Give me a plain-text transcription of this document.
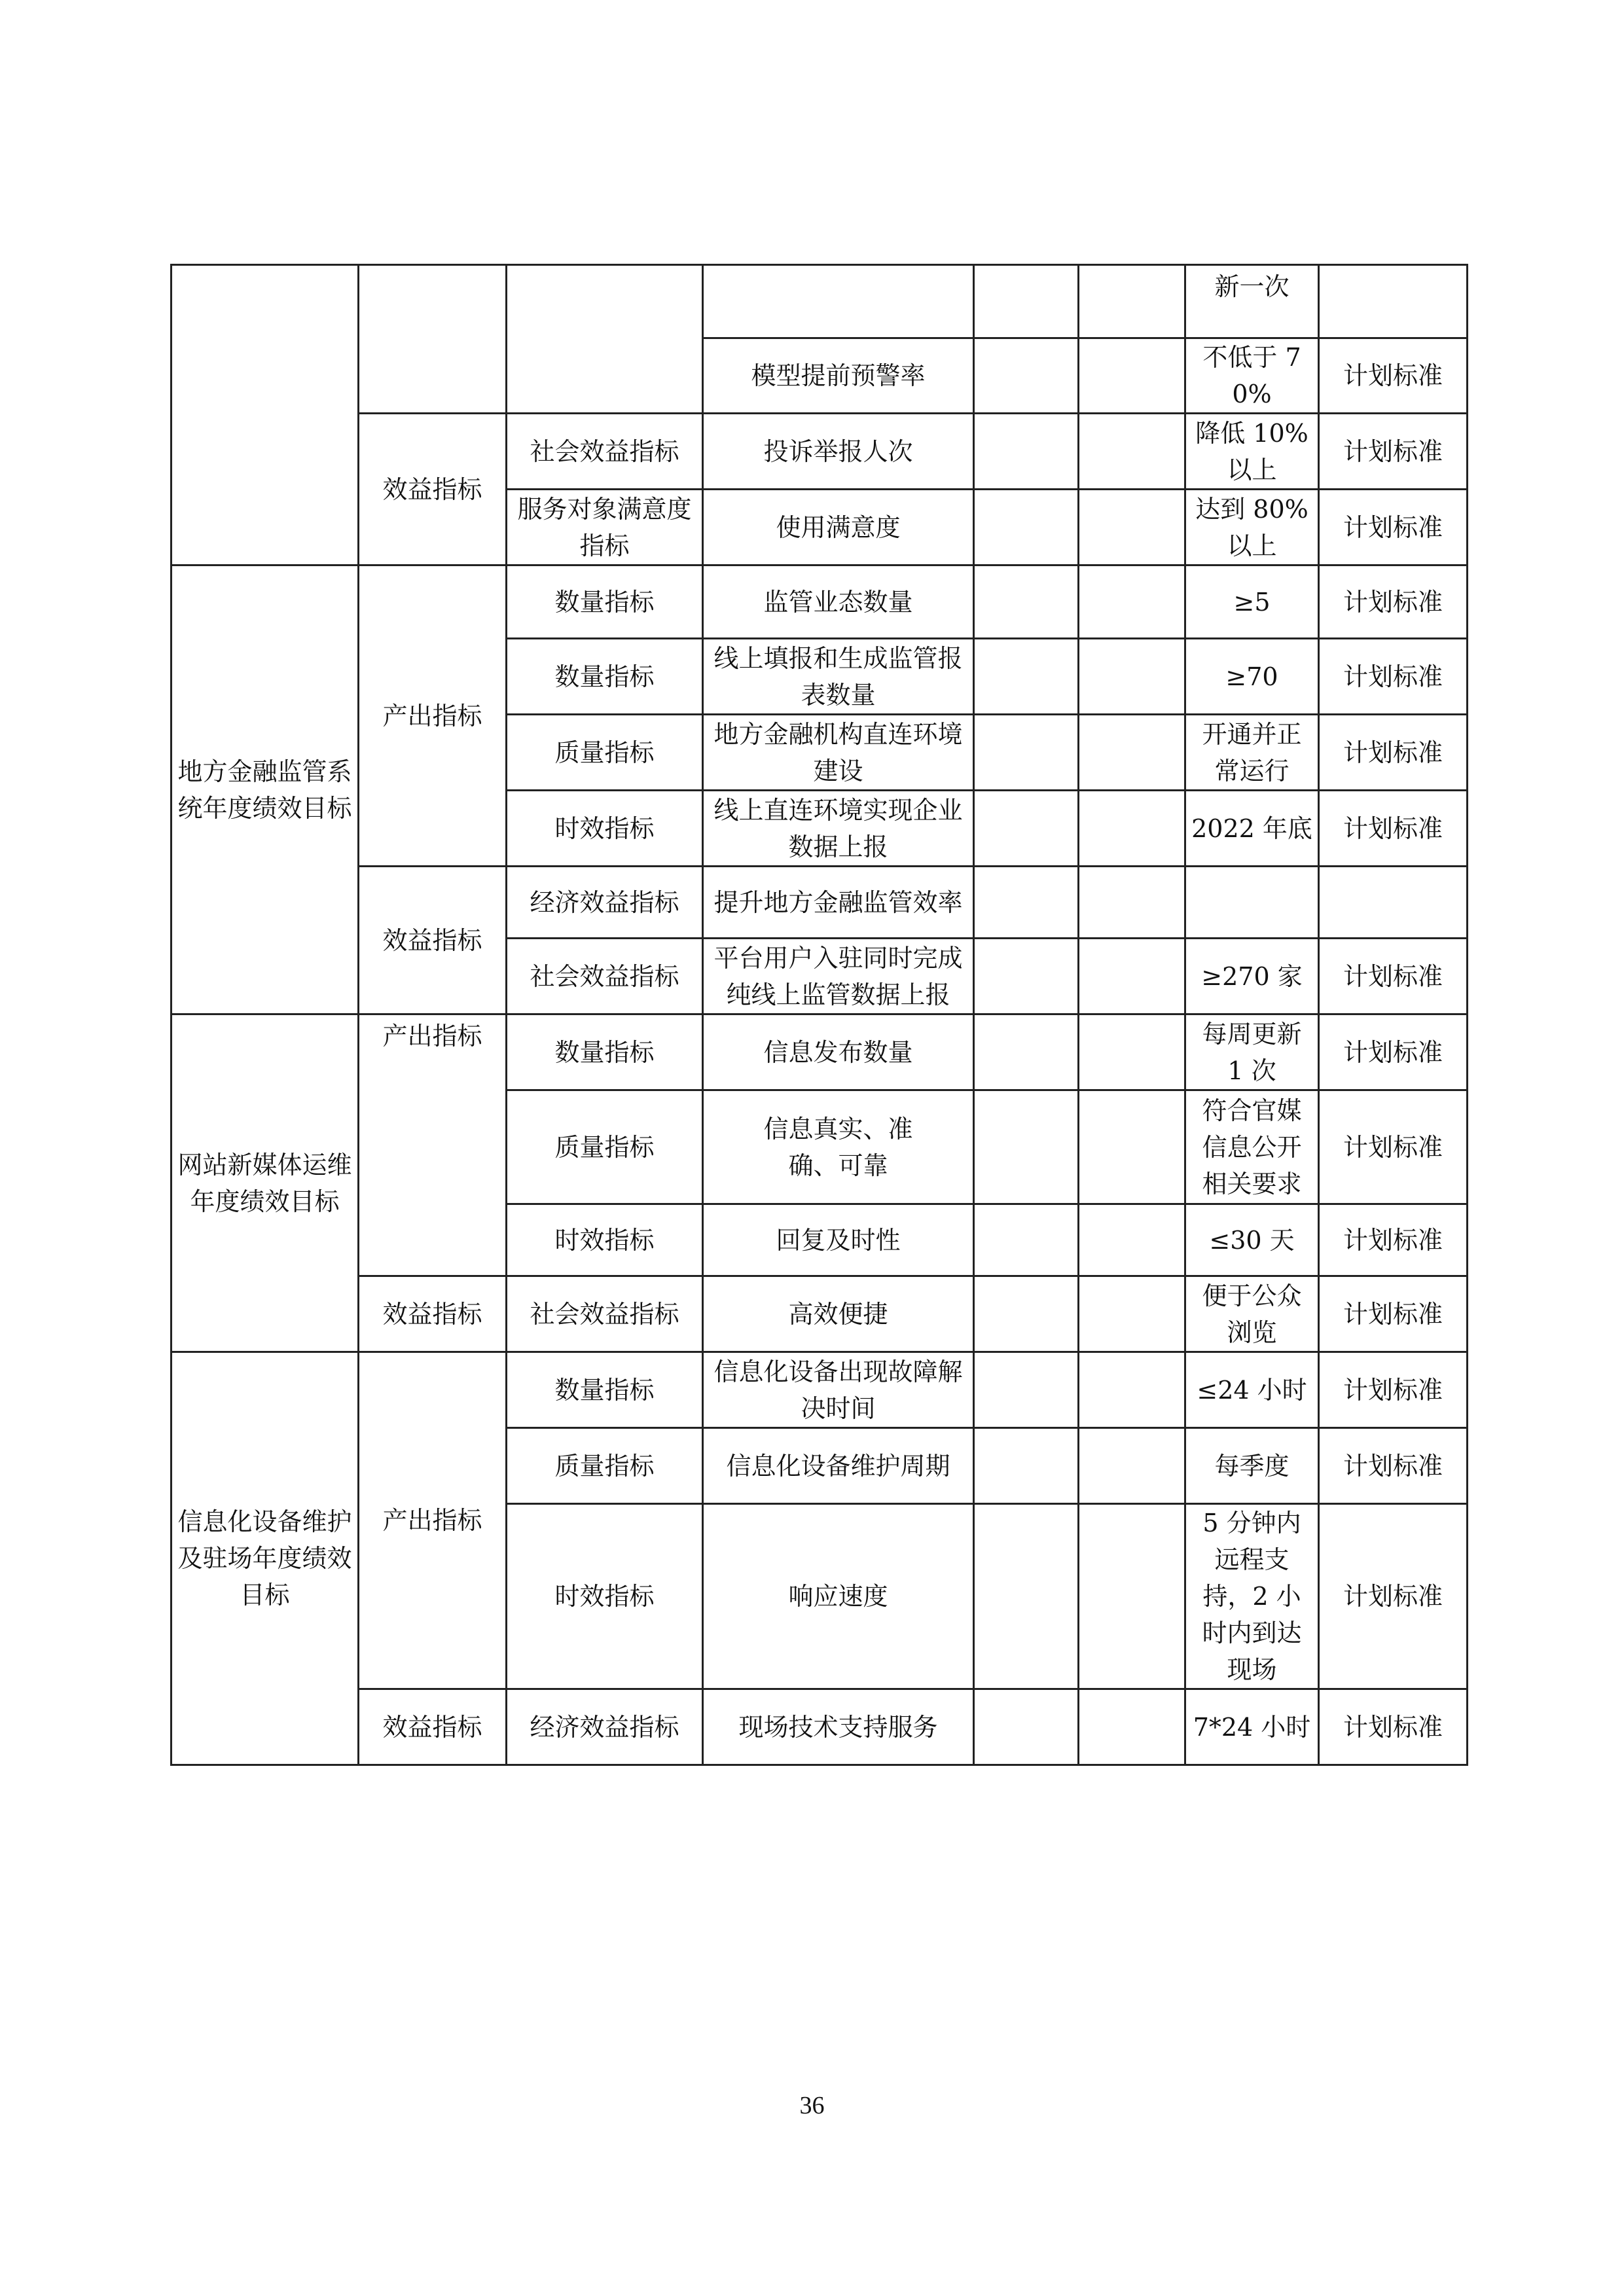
						新一次	
			模型提前预警率			不低于 70%	计划标准
	效益指标	社会效益指标	投诉举报人次			降低 10%以上	计划标准
		服务对象满意度指标	使用满意度			达到 80%以上	计划标准
地方金融监管系统年度绩效目标	产出指标	数量指标	监管业态数量			≥5	计划标准
		数量指标	线上填报和生成监管报表数量			≥70	计划标准
		质量指标	地方金融机构直连环境建设			开通并正常运行	计划标准
		时效指标	线上直连环境实现企业数据上报			2022 年底	计划标准
	效益指标	经济效益指标	提升地方金融监管效率				
		社会效益指标	平台用户入驻同时完成纯线上监管数据上报			≥270 家	计划标准
网站新媒体运维年度绩效目标	产出指标	数量指标	信息发布数量			每周更新 1 次	计划标准
		质量指标	信息真实、准确、可靠			符合官媒信息公开相关要求	计划标准
		时效指标	回复及时性			≤30 天	计划标准
	效益指标	社会效益指标	高效便捷			便于公众浏览	计划标准
信息化设备维护及驻场年度绩效目标	产出指标	数量指标	信息化设备出现故障解决时间			≤24 小时	计划标准
		质量指标	信息化设备维护周期			每季度	计划标准
		时效指标	响应速度			5 分钟内远程支持，2 小时内到达现场	计划标准
	效益指标	经济效益指标	现场技术支持服务			7*24 小时	计划标准
36
